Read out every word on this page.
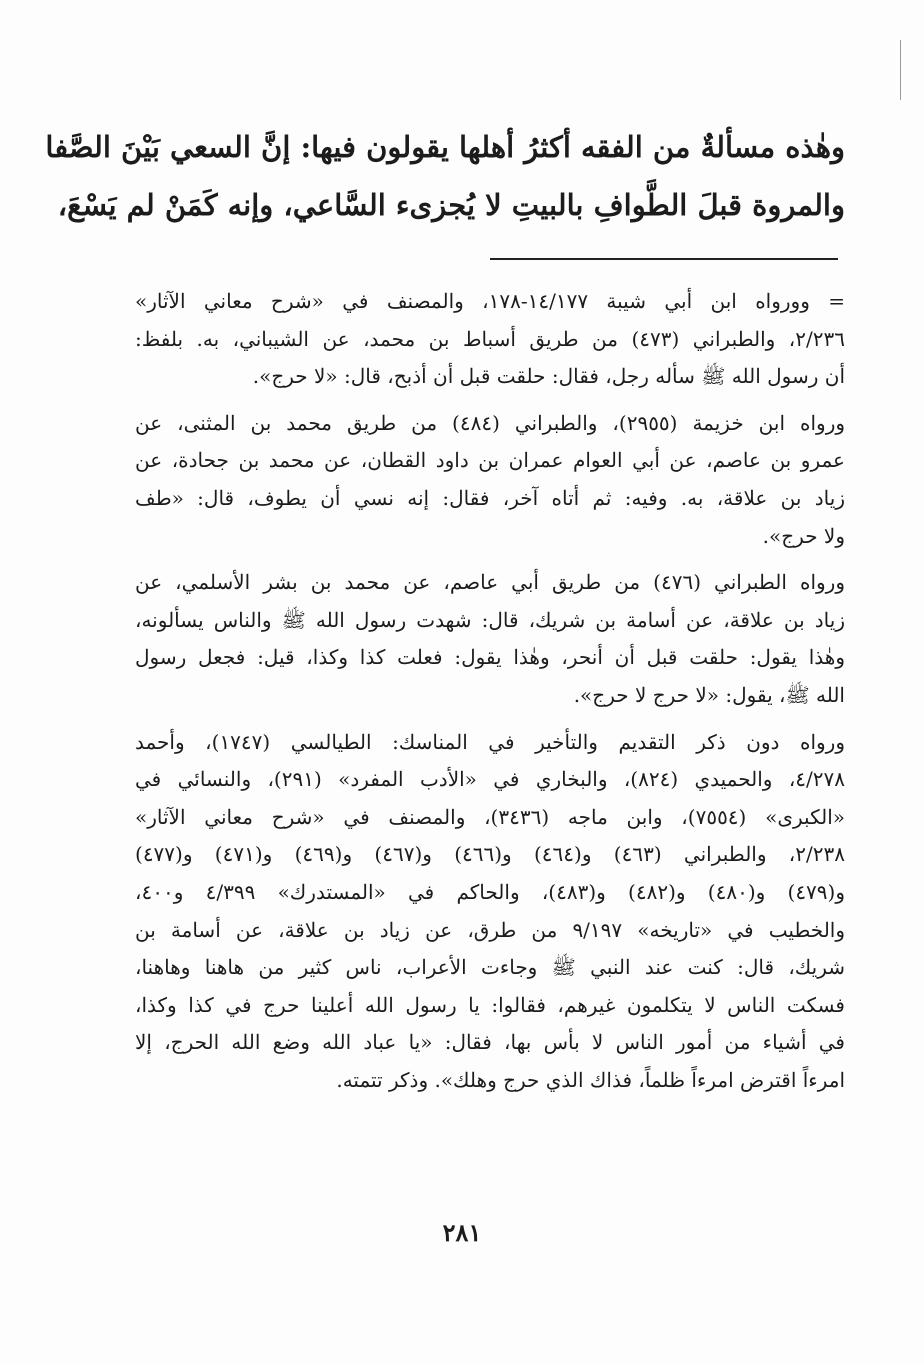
وهٰذه مسألةٌ من الفقه أكثرُ أهلها يقولون فيها: إنَّ السعي بَيْنَ الصَّفا
والمروة قبلَ الطَّوافِ بالبيتِ لا يُجزىء السَّاعي، وإنه كَمَنْ لم يَسْعَ،
= وورواه ابن أبي شيبة ١٤/١٧٧-١٧٨، والمصنف في «شرح معاني الآثار»
٢/٢٣٦، والطبراني (٤٧٣) من طريق أسباط بن محمد، عن الشيباني، به. بلفظ:
أن رسول الله ﷺ سأله رجل، فقال: حلقت قبل أن أذبح، قال: «لا حرج».
ورواه ابن خزيمة (٢٩٥٥)، والطبراني (٤٨٤) من طريق محمد بن المثنى، عن
عمرو بن عاصم، عن أبي العوام عمران بن داود القطان، عن محمد بن جحادة، عن
زياد بن علاقة، به. وفيه: ثم أتاه آخر، فقال: إنه نسي أن يطوف، قال: «طف
ولا حرج».
ورواه الطبراني (٤٧٦) من طريق أبي عاصم، عن محمد بن بشر الأسلمي، عن
زياد بن علاقة، عن أسامة بن شريك، قال: شهدت رسول الله ﷺ والناس يسألونه،
وهٰذا يقول: حلقت قبل أن أنحر، وهٰذا يقول: فعلت كذا وكذا، قيل: فجعل رسول
الله ﷺ، يقول: «لا حرج لا حرج».
ورواه دون ذكر التقديم والتأخير في المناسك: الطيالسي (١٧٤٧)، وأحمد
٤/٢٧٨، والحميدي (٨٢٤)، والبخاري في «الأدب المفرد» (٢٩١)، والنسائي في
«الكبرى» (٧٥٥٤)، وابن ماجه (٣٤٣٦)، والمصنف في «شرح معاني الآثار»
٢/٢٣٨، والطبراني (٤٦٣) و(٤٦٤) و(٤٦٦) و(٤٦٧) و(٤٦٩) و(٤٧١) و(٤٧٧)
و(٤٧٩) و(٤٨٠) و(٤٨٢) و(٤٨٣)، والحاكم في «المستدرك» ٤/٣٩٩ و٤٠٠،
والخطيب في «تاريخه» ٩/١٩٧ من طرق، عن زياد بن علاقة، عن أسامة بن
شريك، قال: كنت عند النبي ﷺ وجاءت الأعراب، ناس كثير من هاهنا وهاهنا،
فسكت الناس لا يتكلمون غيرهم، فقالوا: يا رسول الله أعلينا حرج في كذا وكذا،
في أشياء من أمور الناس لا بأس بها، فقال: «يا عباد الله وضع الله الحرج، إلا
امرءاً اقترض امرءاً ظلماً، فذاك الذي حرج وهلك». وذكر تتمته.
٢٨١
